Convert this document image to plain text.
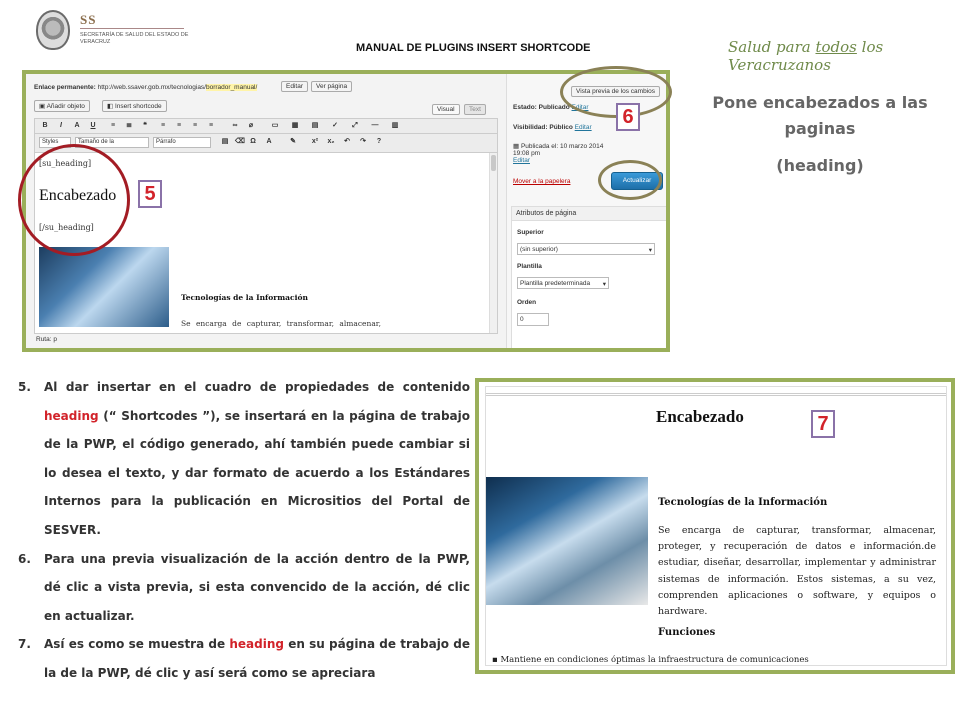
SS
SECRETARÍA DE SALUD DEL ESTADO DE VERACRUZ	MANUAL DE PLUGINS INSERT SHORTCODE	Salud para todos los Veracruzanos
Enlace permanente: http://web.ssaver.gob.mx/tecnologias/borrador_manual/	Editar	Ver página
▣ Añadir objeto	◧ Insert shortcode	Visual	Text
B	I	A U ≡ ≣	❝	≡ ≡ ≡ ≡	∞ ⌀	▭ ▦ ▤ ✓ ⤢ — ▥
Styles	Tamaño de la	Párrafo	▤ ⌫ Ω A	✎ x² x₂ ↶ ↷ ?
[su_heading]
Encabezado
[/su_heading]
Tecnologías de la Información
Se encarga de capturar, transformar, almacenar,
Ruta: p
Vista previa de los cambios
Estado: Publicado Editar
Visibilidad: Público Editar
▦ Publicada el: 10 marzo 2014 19:08 pm
Editar
Mover a la papelera	Actualizar
Atributos de página
Superior
(sin superior)	▾
Plantilla
Plantilla predeterminada ▾
Orden
0
5
6
Pone encabezados a las paginas
(heading)
5.	Al dar insertar en el cuadro de propiedades de contenido heading (“ Shortcodes ”), se insertará en la página de trabajo de la PWP, el código generado, ahí también puede cambiar si lo desea el texto, y dar formato de acuerdo a los Estándares Internos para la publicación en Micrositios del Portal de SESVER.
6.	Para una previa visualización de la acción dentro de la PWP, dé clic a vista previa, si esta convencido de la acción, dé clic en actualizar.
7.	Así es como se muestra de heading en su página de trabajo de la de la PWP, dé clic y así será como se apreciara
Encabezado
Tecnologías de la Información
Se encarga de capturar, transformar, almacenar, proteger, y recuperación de datos e información.de estudiar, diseñar, desarrollar, implementar y administrar sistemas de información. Estos sistemas, a su vez, comprenden aplicaciones o software, y equipos o hardware.
Funciones
▪ Mantiene en condiciones óptimas la infraestructura de comunicaciones
7
